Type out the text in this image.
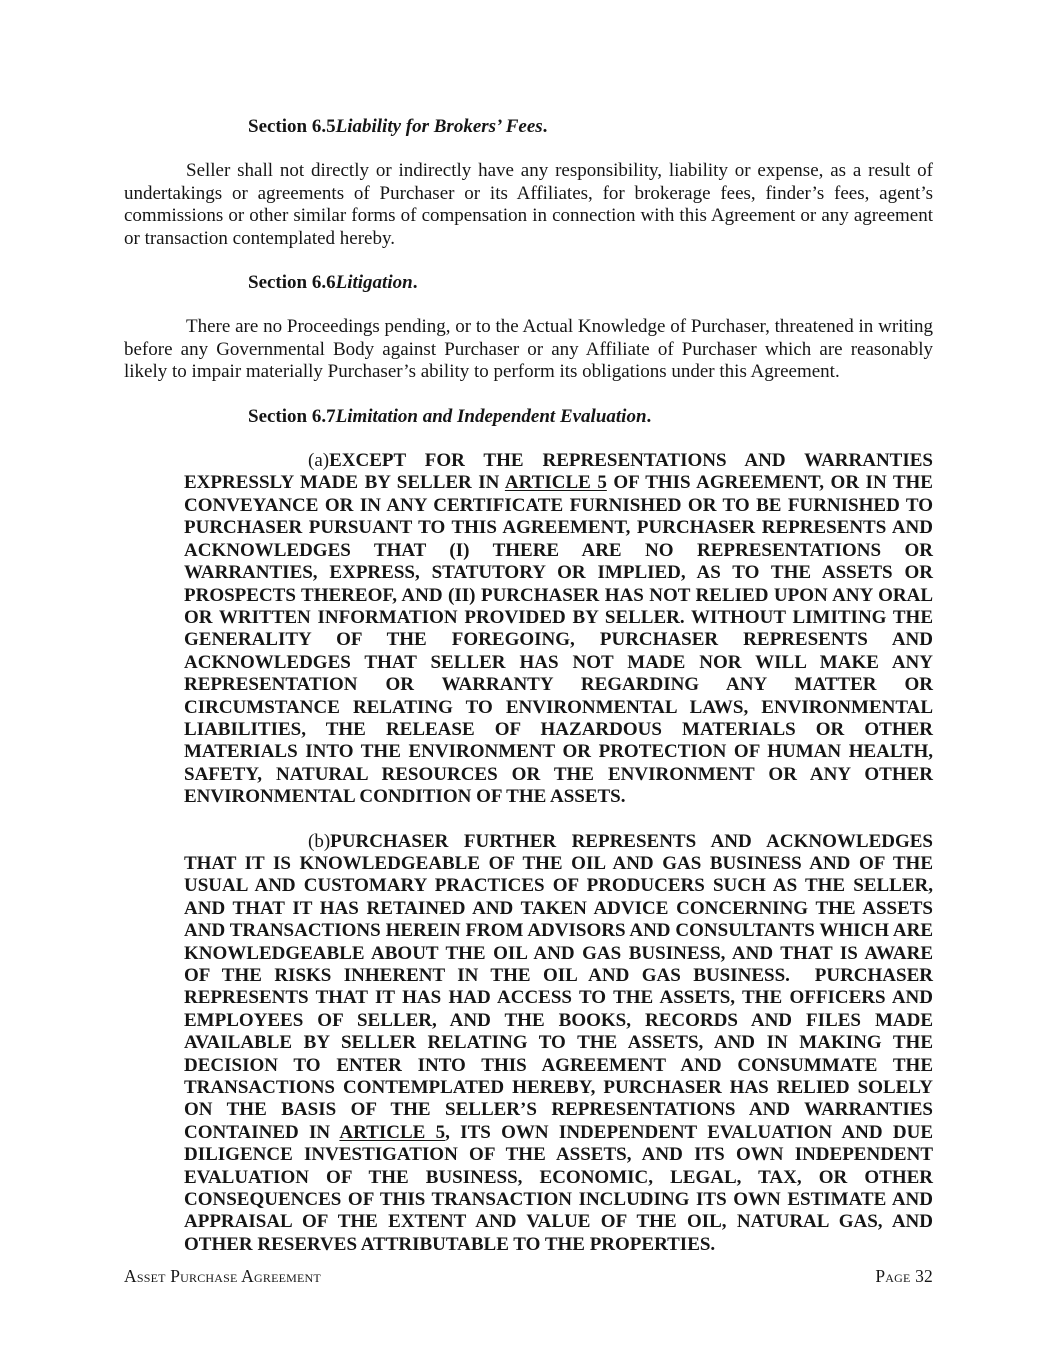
Section 6.5Liability for Brokers’ Fees.

Seller shall not directly or indirectly have any responsibility, liability or expense, as a result of undertakings or agreements of Purchaser or its Affiliates, for brokerage fees, finder’s fees, agent’s commissions or other similar forms of compensation in connection with this Agreement or any agreement or transaction contemplated hereby.

Section 6.6Litigation.

There are no Proceedings pending, or to the Actual Knowledge of Purchaser, threatened in writing before any Governmental Body against Purchaser or any Affiliate of Purchaser which are reasonably likely to impair materially Purchaser’s ability to perform its obligations under this Agreement.

Section 6.7Limitation and Independent Evaluation.

(a)EXCEPT FOR THE REPRESENTATIONS AND WARRANTIES EXPRESSLY MADE BY SELLER IN ARTICLE 5 OF THIS AGREEMENT, OR IN THE CONVEYANCE OR IN ANY CERTIFICATE FURNISHED OR TO BE FURNISHED TO PURCHASER PURSUANT TO THIS AGREEMENT, PURCHASER REPRESENTS AND ACKNOWLEDGES THAT (I) THERE ARE NO REPRESENTATIONS OR WARRANTIES, EXPRESS, STATUTORY OR IMPLIED, AS TO THE ASSETS OR PROSPECTS THEREOF, AND (II) PURCHASER HAS NOT RELIED UPON ANY ORAL OR WRITTEN INFORMATION PROVIDED BY SELLER. WITHOUT LIMITING THE GENERALITY OF THE FOREGOING, PURCHASER REPRESENTS AND ACKNOWLEDGES THAT SELLER HAS NOT MADE NOR WILL MAKE ANY REPRESENTATION OR WARRANTY REGARDING ANY MATTER OR CIRCUMSTANCE RELATING TO ENVIRONMENTAL LAWS, ENVIRONMENTAL LIABILITIES, THE RELEASE OF HAZARDOUS MATERIALS OR OTHER MATERIALS INTO THE ENVIRONMENT OR PROTECTION OF HUMAN HEALTH, SAFETY, NATURAL RESOURCES OR THE ENVIRONMENT OR ANY OTHER ENVIRONMENTAL CONDITION OF THE ASSETS.

(b)PURCHASER FURTHER REPRESENTS AND ACKNOWLEDGES THAT IT IS KNOWLEDGEABLE OF THE OIL AND GAS BUSINESS AND OF THE USUAL AND CUSTOMARY PRACTICES OF PRODUCERS SUCH AS THE SELLER, AND THAT IT HAS RETAINED AND TAKEN ADVICE CONCERNING THE ASSETS AND TRANSACTIONS HEREIN FROM ADVISORS AND CONSULTANTS WHICH ARE KNOWLEDGEABLE ABOUT THE OIL AND GAS BUSINESS, AND THAT IS AWARE OF THE RISKS INHERENT IN THE OIL AND GAS BUSINESS.  PURCHASER REPRESENTS THAT IT HAS HAD ACCESS TO THE ASSETS, THE OFFICERS AND EMPLOYEES OF SELLER, AND THE BOOKS, RECORDS AND FILES MADE AVAILABLE BY SELLER RELATING TO THE ASSETS, AND IN MAKING THE DECISION TO ENTER INTO THIS AGREEMENT AND CONSUMMATE THE TRANSACTIONS CONTEMPLATED HEREBY, PURCHASER HAS RELIED SOLELY ON THE BASIS OF THE SELLER’S REPRESENTATIONS AND WARRANTIES CONTAINED IN ARTICLE 5, ITS OWN INDEPENDENT EVALUATION AND DUE DILIGENCE INVESTIGATION OF THE ASSETS, AND ITS OWN INDEPENDENT EVALUATION OF THE BUSINESS, ECONOMIC, LEGAL, TAX, OR OTHER CONSEQUENCES OF THIS TRANSACTION INCLUDING ITS OWN ESTIMATE AND APPRAISAL OF THE EXTENT AND VALUE OF THE OIL, NATURAL GAS, AND OTHER RESERVES ATTRIBUTABLE TO THE PROPERTIES.

Asset Purchase Agreement	Page 32
